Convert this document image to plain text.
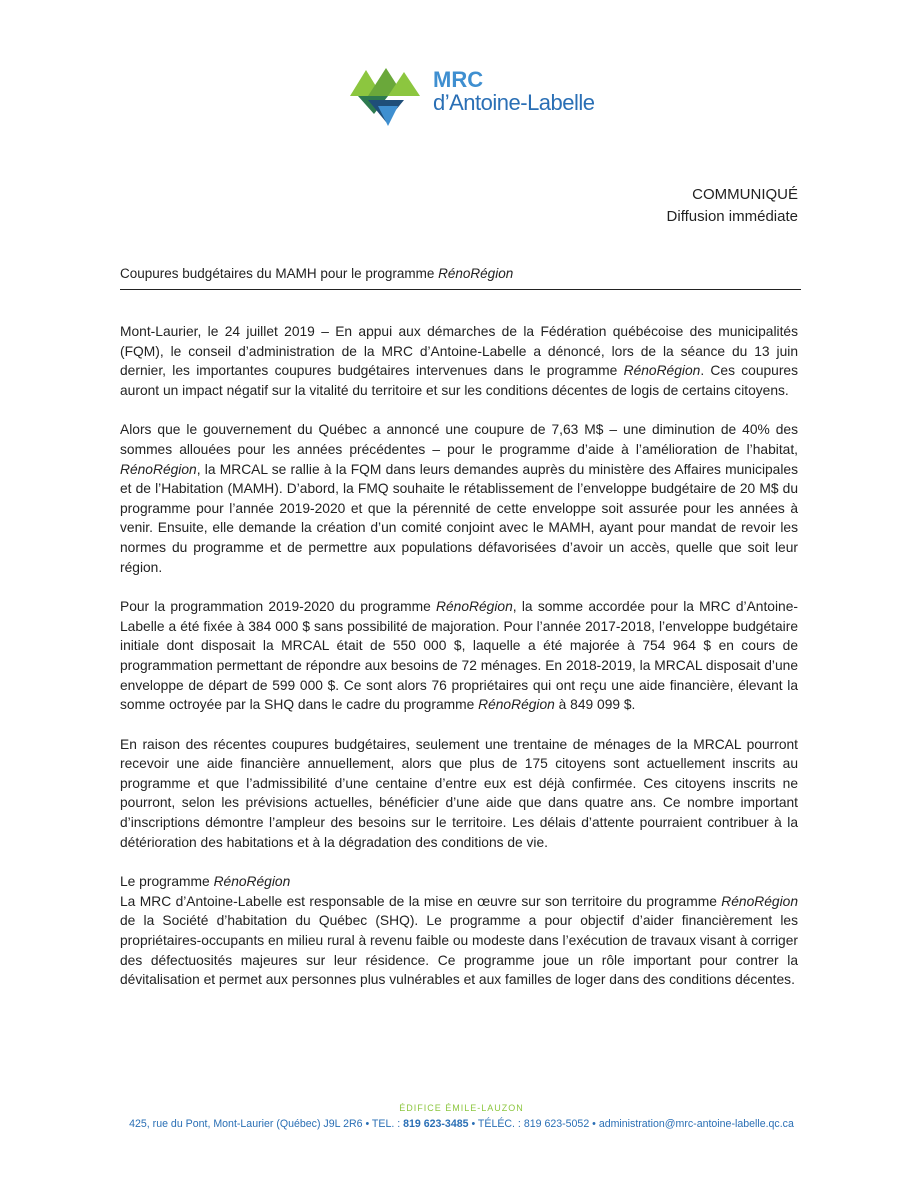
MRC
d’Antoine-Labelle
COMMUNIQUÉ
Diffusion immédiate
Coupures budgétaires du MAMH pour le programme RénoRégion

Mont-Laurier, le 24 juillet 2019 – En appui aux démarches de la Fédération québécoise des municipalités (FQM), le conseil d’administration de la MRC d’Antoine-Labelle a dénoncé, lors de la séance du 13 juin dernier, les importantes coupures budgétaires intervenues dans le programme RénoRégion. Ces coupures auront un impact négatif sur la vitalité du territoire et sur les conditions décentes de logis de certains citoyens.

Alors que le gouvernement du Québec a annoncé une coupure de 7,63 M$ – une diminution de 40% des sommes allouées pour les années précédentes – pour le programme d’aide à l’amélioration de l’habitat, RénoRégion, la MRCAL se rallie à la FQM dans leurs demandes auprès du ministère des Affaires municipales et de l’Habitation (MAMH). D’abord, la FMQ souhaite le rétablissement de l’enveloppe budgétaire de 20 M$ du programme pour l’année 2019-2020 et que la pérennité de cette enveloppe soit assurée pour les années à venir. Ensuite, elle demande la création d’un comité conjoint avec le MAMH, ayant pour mandat de revoir les normes du programme et de permettre aux populations défavorisées d’avoir un accès, quelle que soit leur région.

Pour la programmation 2019-2020 du programme RénoRégion, la somme accordée pour la MRC d’Antoine-Labelle a été fixée à 384 000 $ sans possibilité de majoration. Pour l’année 2017-2018, l’enveloppe budgétaire initiale dont disposait la MRCAL était de 550 000 $, laquelle a été majorée à 754 964 $ en cours de programmation permettant de répondre aux besoins de 72 ménages. En 2018-2019, la MRCAL disposait d’une enveloppe de départ de 599 000 $. Ce sont alors 76 propriétaires qui ont reçu une aide financière, élevant la somme octroyée par la SHQ dans le cadre du programme RénoRégion à 849 099 $.

En raison des récentes coupures budgétaires, seulement une trentaine de ménages de la MRCAL pourront recevoir une aide financière annuellement, alors que plus de 175 citoyens sont actuellement inscrits au programme et que l’admissibilité d’une centaine d’entre eux est déjà confirmée. Ces citoyens inscrits ne pourront, selon les prévisions actuelles, bénéficier d’une aide que dans quatre ans. Ce nombre important d’inscriptions démontre l’ampleur des besoins sur le territoire. Les délais d’attente pourraient contribuer à la détérioration des habitations et à la dégradation des conditions de vie.

Le programme RénoRégion

La MRC d’Antoine-Labelle est responsable de la mise en œuvre sur son territoire du programme RénoRégion de la Société d’habitation du Québec (SHQ). Le programme a pour objectif d’aider financièrement les propriétaires-occupants en milieu rural à revenu faible ou modeste dans l’exécution de travaux visant à corriger des défectuosités majeures sur leur résidence. Ce programme joue un rôle important pour contrer la dévitalisation et permet aux personnes plus vulnérables et aux familles de loger dans des conditions décentes.

ÉDIFICE ÉMILE-LAUZON
425, rue du Pont, Mont-Laurier (Québec) J9L 2R6 • TEL. : 819 623-3485 • TÉLÉC. : 819 623-5052 • administration@mrc-antoine-labelle.qc.ca
